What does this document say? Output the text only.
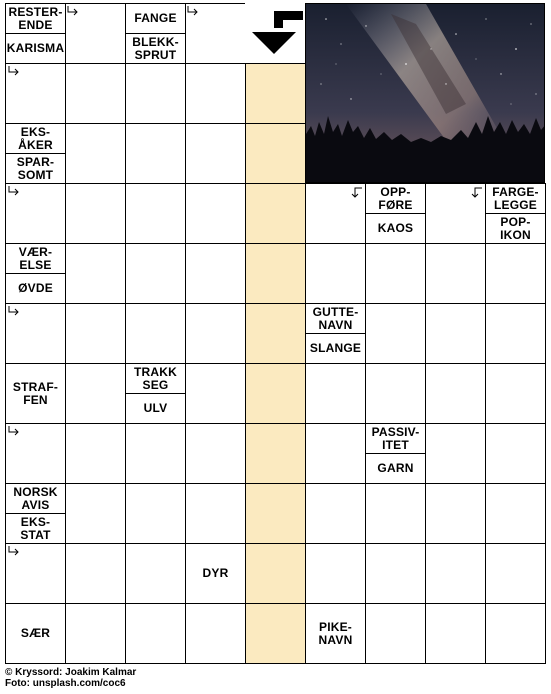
RESTER-
ENDE
KARISMA
FANGE
BLEKK-
SPRUT
EKS-
ÅKER
SPAR-
SOMT
OPP-
FØRE
KAOS
FARGE-
LEGGE
POP-
IKON
VÆR-
ELSE
ØVDE
GUTTE-
NAVN
SLANGE
STRAF-
FEN
TRAKK
SEG
ULV
PASSIV-
ITET
GARN
NORSK
AVIS
EKS-
STAT
DYR
SÆR	PIKE-
NAVN
© Kryssord: Joakim Kalmar
Foto: unsplash.com/coc6
